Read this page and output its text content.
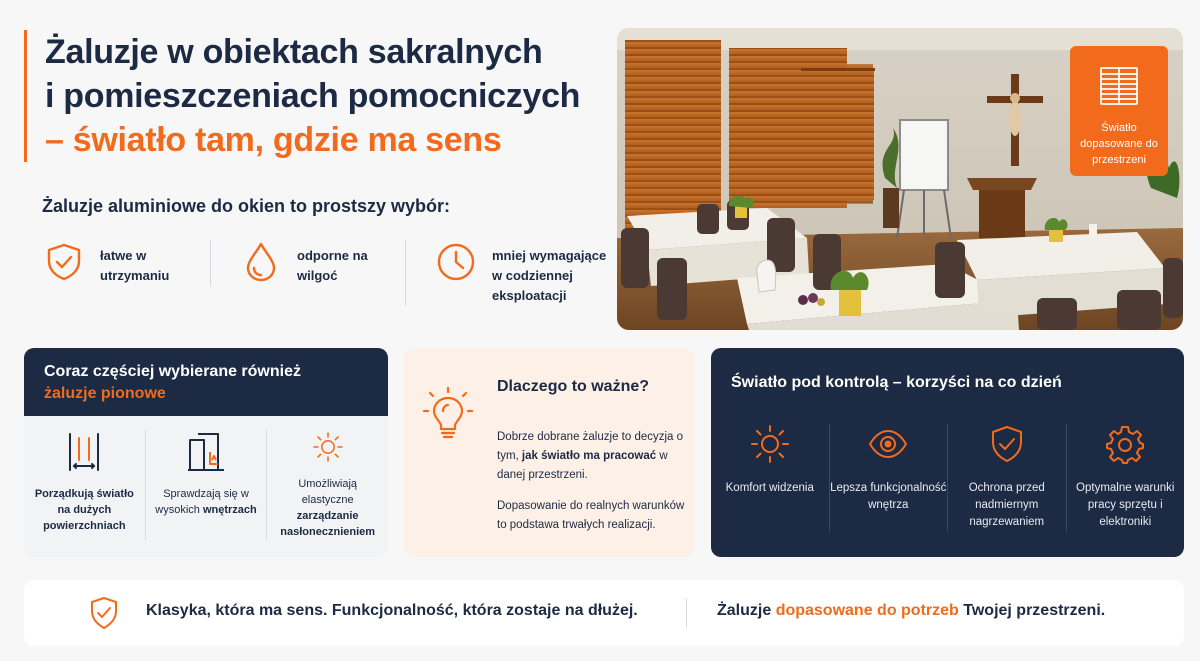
Żaluzje w obiektach sakralnych
i pomieszczeniach pomocniczych
– światło tam, gdzie ma sens
Żaluzje aluminiowe do okien to prostszy wybór:
łatwe w utrzymaniu
odporne na wilgoć
mniej wymagające w codziennej eksploatacji
Światło dopasowane do przestrzeni
Coraz częściej wybierane również
żaluzje pionowe
Porządkują światło na dużych powierzchniach
Sprawdzają się w wysokich wnętrzach
Umożliwiają elastyczne zarządzanie nasłonecznieniem
Dlaczego to ważne?
Dobrze dobrane żaluzje to decyzja o tym, jak światło ma pracować w danej przestrzeni.
Dopasowanie do realnych warunków to podstawa trwałych realizacji.
Światło pod kontrolą – korzyści na co dzień
Komfort widzenia Lepsza funkcjonalność wnętrza
Ochrona przed nadmiernym nagrzewaniem
Optymalne warunki pracy sprzętu i elektroniki
Klasyka, która ma sens. Funkcjonalność, która zostaje na dłużej.	Żaluzje dopasowane do potrzeb Twojej przestrzeni.
